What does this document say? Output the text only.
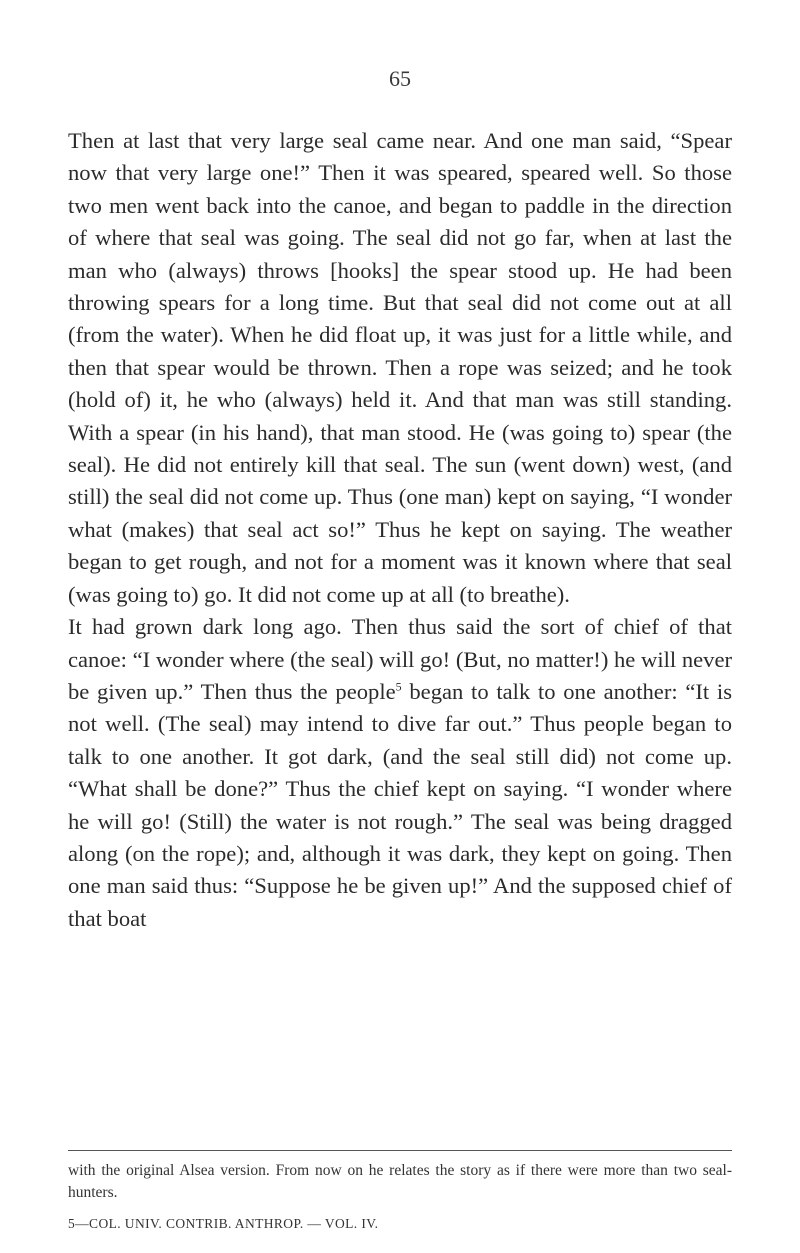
65

Then at last that very large seal came near. And one man said, “Spear now that very large one!” Then it was speared, speared well. So those two men went back into the canoe, and began to paddle in the direction of where that seal was going. The seal did not go far, when at last the man who (always) throws [hooks] the spear stood up. He had been throwing spears for a long time. But that seal did not come out at all (from the water). When he did float up, it was just for a little while, and then that spear would be thrown. Then a rope was seized; and he took (hold of) it, he who (always) held it. And that man was still standing. With a spear (in his hand), that man stood. He (was going to) spear (the seal). He did not entirely kill that seal. The sun (went down) west, (and still) the seal did not come up. Thus (one man) kept on saying, “I wonder what (makes) that seal act so!” Thus he kept on saying. The weather began to get rough, and not for a moment was it known where that seal (was going to) go. It did not come up at all (to breathe).

It had grown dark long ago. Then thus said the sort of chief of that canoe: “I wonder where (the seal) will go! (But, no matter!) he will never be given up.” Then thus the people$^5$ began to talk to one another: “It is not well. (The seal) may intend to dive far out.” Thus people began to talk to one another. It got dark, (and the seal still did) not come up. “What shall be done?” Thus the chief kept on saying. “I wonder where he will go! (Still) the water is not rough.” The seal was being dragged along (on the rope); and, although it was dark, they kept on going. Then one man said thus: “Suppose he be given up!” And the supposed chief of that boat

with the original Alsea version. From now on he relates the story as if there were more than two seal-hunters.
5—COL. UNIV. CONTRIB. ANTHROP. — VOL. IV.
